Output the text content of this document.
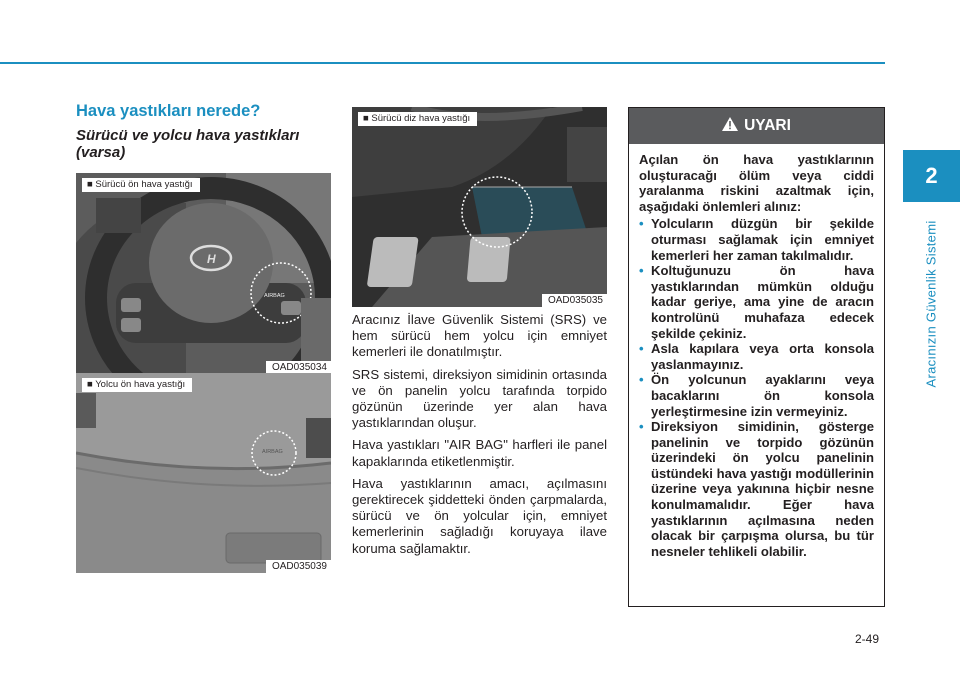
2
Aracınızın Güvenlik Sistemi
Hava yastıkları nerede?
Sürücü ve yolcu hava yastıkları (varsa)
H
AIRBAG
■ Sürücü ön hava yastığı
OAD035034
AIRBAG
■ Yolcu ön hava yastığı
OAD035039
■ Sürücü diz hava yastığı
OAD035035

Aracınız İlave Güvenlik Sistemi (SRS) ve hem sürücü hem yolcu için emniyet kemerleri ile donatılmıştır.

SRS sistemi, direksiyon simidinin ortasında ve ön panelin yolcu tarafında torpido gözünün üzerinde yer alan hava yastıklarından oluşur.

Hava yastıkları "AIR BAG" harfleri ile panel kapaklarında etiketlenmiştir.

Hava yastıklarının amacı, açılmasını gerektirecek şiddetteki önden çarpmalarda, sürücü ve ön yolcular için, emniyet kemerlerinin sağladığı koruyaya ilave koruma sağlamaktır.

UYARI

Açılan ön hava yastıklarının oluşturacağı ölüm veya ciddi yaralanma riskini azaltmak için, aşağıdaki önlemleri alınız:

• Yolcuların düzgün bir şekilde oturması sağlamak için emniyet kemerleri her zaman takılmalıdır.
• Koltuğunuzu ön hava yastıklarından mümkün olduğu kadar geriye, ama yine de aracın kontrolünü muhafaza edecek şekilde çekiniz.
• Asla kapılara veya orta konsola yaslanmayınız.
• Ön yolcunun ayaklarını veya bacaklarını ön konsola yerleştirmesine izin vermeyiniz.
• Direksiyon simidinin, gösterge panelinin ve torpido gözünün üzerindeki ön yolcu panelinin üstündeki hava yastığı modüllerinin üzerine veya yakınına hiçbir nesne konulmamalıdır. Eğer hava yastıklarının açılmasına neden olacak bir çarpışma olursa, bu tür nesneler tehlikeli olabilir.
2-49
